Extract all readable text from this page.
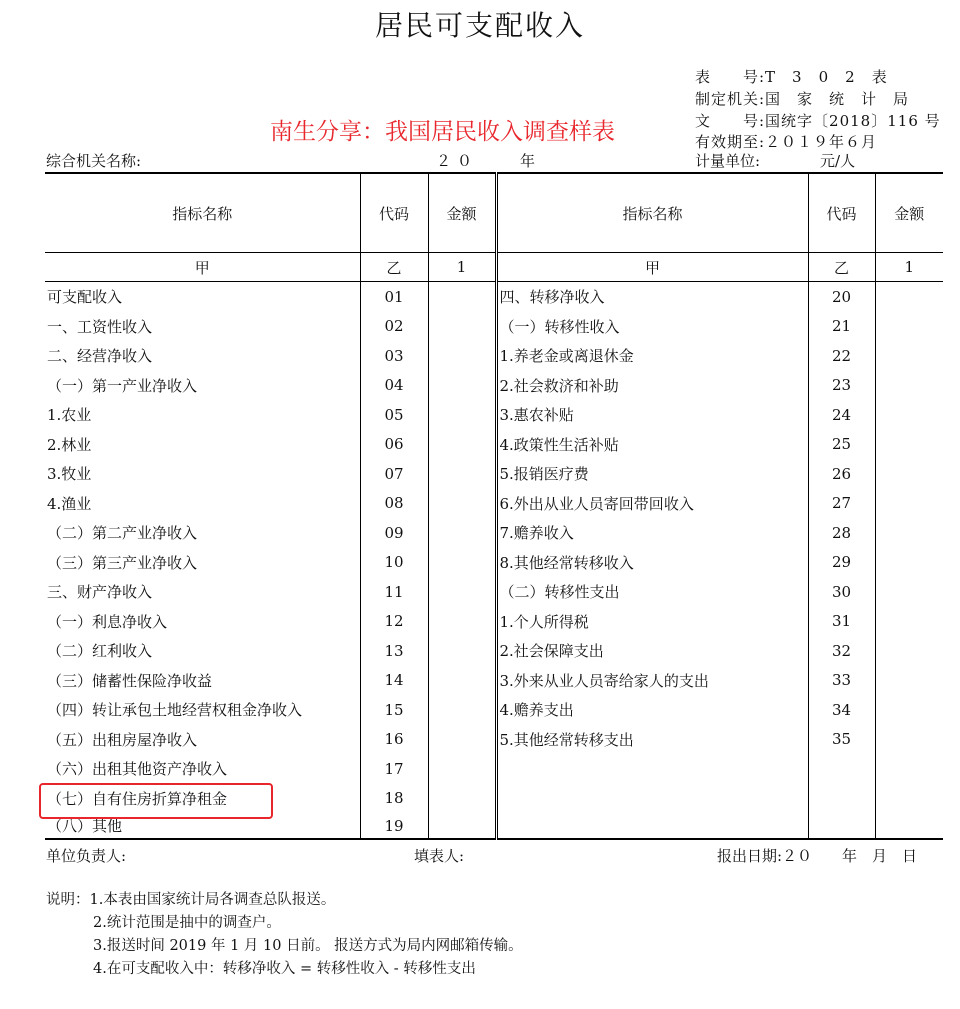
居民可支配收入
表　　号:T　3　0　2　表
制定机关:国　家　统　计　局
文　　号:国统字〔2018〕116 号
有效期至:２０１９年６月
南生分享：我国居民收入调查样表
综合机关名称:	２０　　年	计量单位:　　　　元/人
指标名称	代码	金额	指标名称	代码	金额
甲	乙	1	甲	乙	1
可支配收入	01		四、转移净收入	20	
一、工资性收入	02		（一）转移性收入	21	
二、经营净收入	03		1.养老金或离退休金	22	
（一）第一产业净收入	04		2.社会救济和补助	23	
1.农业	05		3.惠农补贴	24	
2.林业	06		4.政策性生活补贴	25	
3.牧业	07		5.报销医疗费	26	
4.渔业	08		6.外出从业人员寄回带回收入	27	
（二）第二产业净收入	09		7.赡养收入	28	
（三）第三产业净收入	10		8.其他经常转移收入	29	
三、财产净收入	11		（二）转移性支出	30	
（一）利息净收入	12		1.个人所得税	31	
（二）红利收入	13		2.社会保障支出	32	
（三）储蓄性保险净收益	14		3.外来从业人员寄给家人的支出	33	
（四）转让承包土地经营权租金净收入	15		4.赡养支出	34	
（五）出租房屋净收入	16		5.其他经常转移支出	35	
（六）出租其他资产净收入	17				
（七）自有住房折算净租金	18				
（八）其他	19				
单位负责人:	填表人:	报出日期:２０　　年　月　日
说明：1.本表由国家统计局各调查总队报送。
2.统计范围是抽中的调查户。
3.报送时间 2019 年 1 月 10 日前。 报送方式为局内网邮箱传输。
4.在可支配收入中：转移净收入 = 转移性收入 - 转移性支出
